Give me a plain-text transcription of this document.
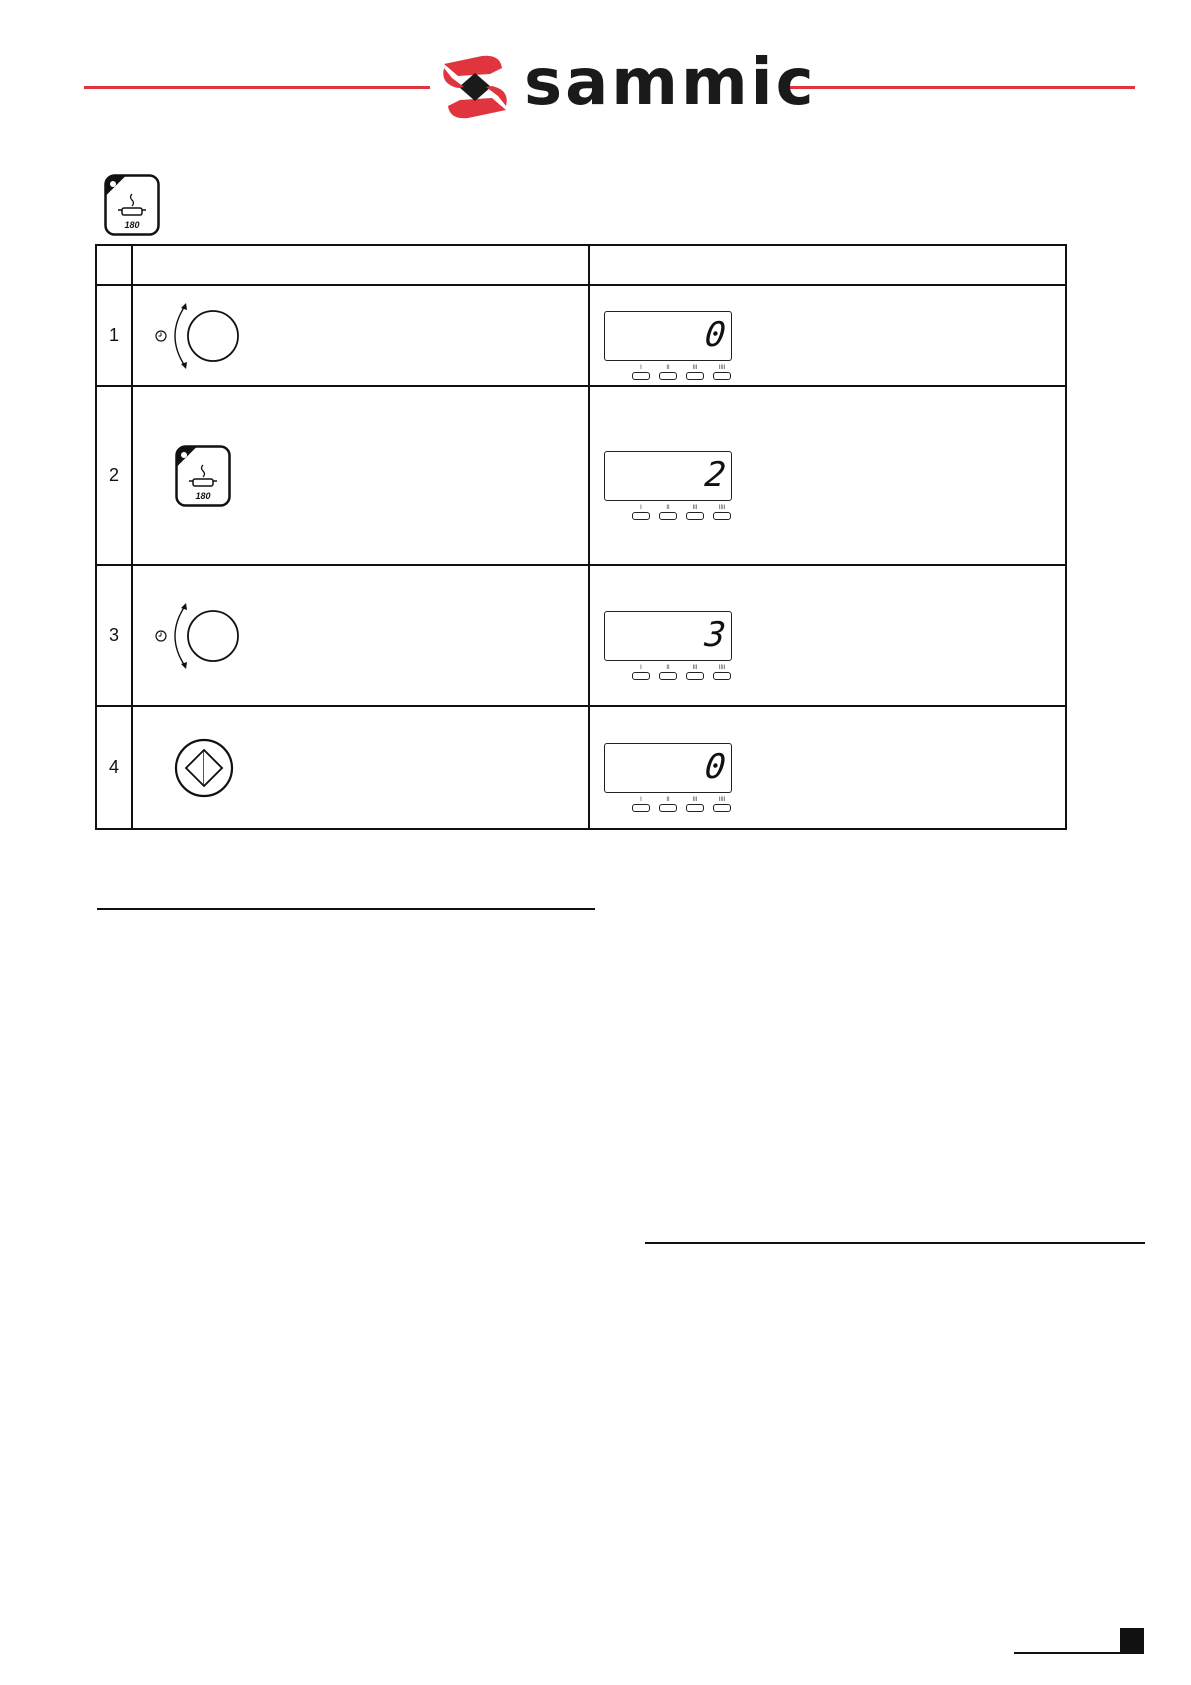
sammic
180

1		0
I II III IIII

2	180	2
I II III IIII

3		3
I II III IIII

4		0
I II III IIII
